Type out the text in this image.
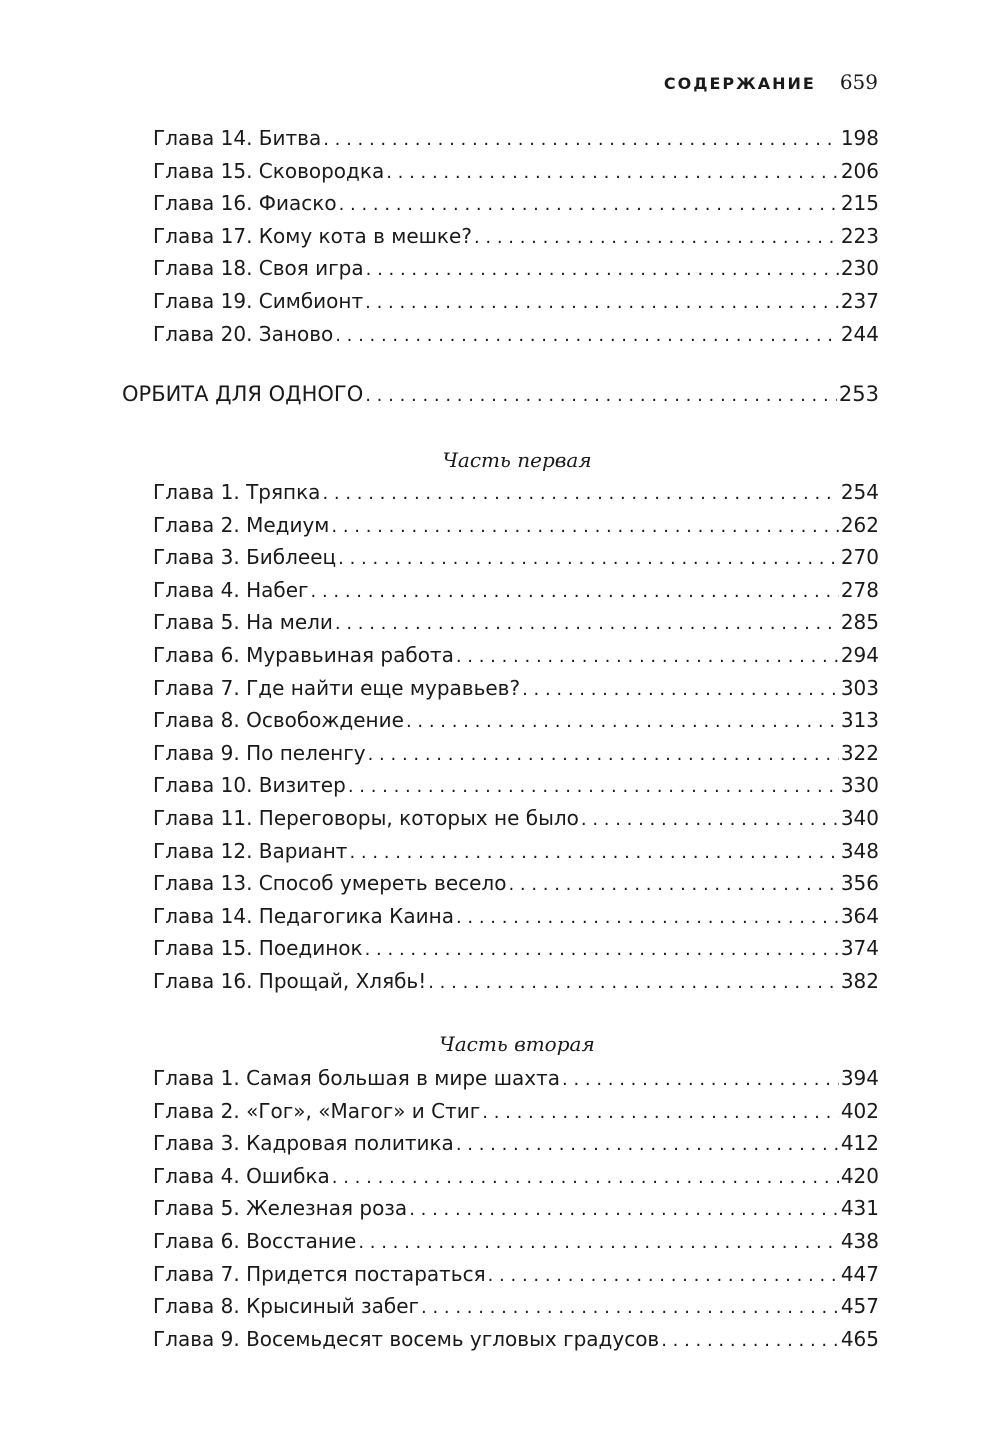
СОДЕРЖАНИЕ 659
Глава 14. Битва . . .	198
Глава 15. Сковородка . . .	206
Глава 16. Фиаско . . .	215
Глава 17. Кому кота в мешке? . . .	223
Глава 18. Своя игра . . .	230
Глава 19. Симбионт . . .	237
Глава 20. Заново . . .	244
ОРБИТА ДЛЯ ОДНОГО . . .	253
Часть первая
Глава 1. Тряпка . . .	254
Глава 2. Медиум . . .	262
Глава 3. Библеец . . .	270
Глава 4. Набег . . .	278
Глава 5. На мели . . .	285
Глава 6. Муравьиная работа . . .	294
Глава 7. Где найти еще муравьев? . . .	303
Глава 8. Освобождение . . .	313
Глава 9. По пеленгу . . .	322
Глава 10. Визитер . . .	330
Глава 11. Переговоры, которых не было . . .	340
Глава 12. Вариант . . .	348
Глава 13. Способ умереть весело . . .	356
Глава 14. Педагогика Каина . . .	364
Глава 15. Поединок . . .	374
Глава 16. Прощай, Хлябь! . . .	382
Часть вторая
Глава 1. Самая большая в мире шахта . . .	394
Глава 2. «Гог», «Магог» и Стиг . . .	402
Глава 3. Кадровая политика . . .	412
Глава 4. Ошибка . . .	420
Глава 5. Железная роза . . .	431
Глава 6. Восстание . . .	438
Глава 7. Придется постараться . . .	447
Глава 8. Крысиный забег . . .	457
Глава 9. Восемьдесят восемь угловых градусов . . .	465
